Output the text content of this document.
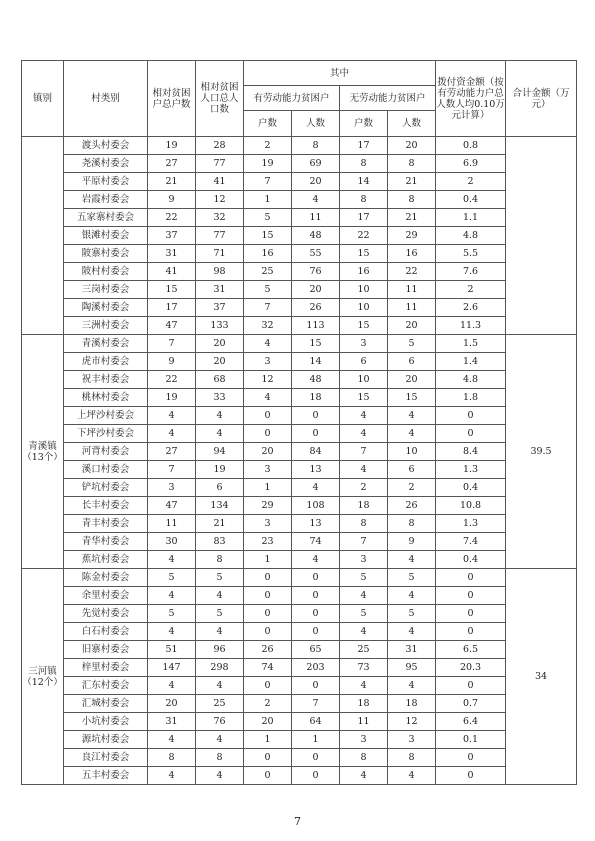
镇别	村类别	相对贫困户总户数	相对贫困人口总人口数	其中				拨付资金额（按有劳动能力户总人数人均0.10万元计算）	合计金额（万元）
				有劳动能力贫困户		无劳动能力贫困户			
				户数	人数	户数	人数		
	渡头村委会	19	28	2	8	17	20	0.8	
	尧溪村委会	27	77	19	69	8	8	6.9	
	平原村委会	21	41	7	20	14	21	2	
	岩霞村委会	9	12	1	4	8	8	0.4	
	五家寨村委会	22	32	5	11	17	21	1.1	
	银滩村委会	37	77	15	48	22	29	4.8	
	陂寨村委会	31	71	16	55	15	16	5.5	
	陂村村委会	41	98	25	76	16	22	7.6	
	三岗村委会	15	31	5	20	10	11	2	
	陶溪村委会	17	37	7	26	10	11	2.6	
	三洲村委会	47	133	32	113	15	20	11.3	
青溪镇（13个）	青溪村委会	7	20	4	15	3	5	1.5	39.5
	虎市村委会	9	20	3	14	6	6	1.4	
	祝丰村委会	22	68	12	48	10	20	4.8	
	桃林村委会	19	33	4	18	15	15	1.8	
	上坪沙村委会	4	4	0	0	4	4	0	
	下坪沙村委会	4	4	0	0	4	4	0	
	河背村委会	27	94	20	84	7	10	8.4	
	溪口村委会	7	19	3	13	4	6	1.3	
	铲坑村委会	3	6	1	4	2	2	0.4	
	长丰村委会	47	134	29	108	18	26	10.8	
	青丰村委会	11	21	3	13	8	8	1.3	
	青华村委会	30	83	23	74	7	9	7.4	
	蕉坑村委会	4	8	1	4	3	4	0.4	
三河镇（12个）	陈金村委会	5	5	0	0	5	5	0	34
	余里村委会	4	4	0	0	4	4	0	
	先觉村委会	5	5	0	0	5	5	0	
	白石村委会	4	4	0	0	4	4	0	
	旧寨村委会	51	96	26	65	25	31	6.5	
	梓里村委会	147	298	74	203	73	95	20.3	
	汇东村委会	4	4	0	0	4	4	0	
	汇城村委会	20	25	2	7	18	18	0.7	
	小坑村委会	31	76	20	64	11	12	6.4	
	源坑村委会	4	4	1	1	3	3	0.1	
	良江村委会	8	8	0	0	8	8	0	
	五丰村委会	4	4	0	0	4	4	0	
7
